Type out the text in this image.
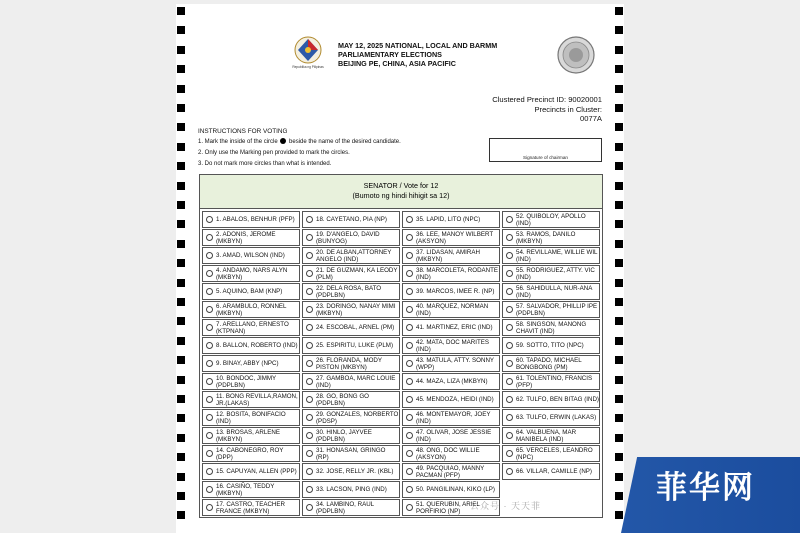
Republika ng Pilipinas
MAY 12, 2025 NATIONAL, LOCAL AND BARMM
PARLIAMENTARY ELECTIONS
BEIJING PE, CHINA, ASIA PACIFIC
Clustered Precinct ID: 90020001
Precincts in Cluster:
0077A
INSTRUCTIONS FOR VOTING
1. Mark the inside of the circle beside the name of the desired candidate.
2. Only use the Marking pen provided to mark the circles.
3. Do not mark more circles than what is intended.
Signature of chairman
SENATOR / Vote for 12
(Bumoto ng hindi hihigit sa 12)
1. ABALOS, BENHUR (PFP)
2. ADONIS, JEROME (MKBYN)
3. AMAD, WILSON (IND)
4. ANDAMO, NARS ALYN (MKBYN)
5. AQUINO, BAM (KNP)
6. ARAMBULO, RONNEL (MKBYN)
7. ARELLANO, ERNESTO (KTPNAN)
8. BALLON, ROBERTO (IND)
9. BINAY, ABBY (NPC)
10. BONDOC, JIMMY (PDPLBN)
11. BONG REVILLA,RAMON, JR.(LAKAS)
12. BOSITA, BONIFACIO (IND)
13. BROSAS, ARLENE (MKBYN)
14. CABONEGRO, ROY (DPP)
15. CAPUYAN, ALLEN (PPP)
16. CASIÑO, TEDDY (MKBYN)
17. CASTRO, TEACHER FRANCE (MKBYN)
18. CAYETANO, PIA (NP)
19. D'ANGELO, DAVID (BUNYOG)
20. DE ALBAN,ATTORNEY ANGELO (IND)
21. DE GUZMAN, KA LEODY (PLM)
22. DELA ROSA, BATO (PDPLBN)
23. DORINGO, NANAY MIMI (MKBYN)
24. ESCOBAL, ARNEL (PM)
25. ESPIRITU, LUKE (PLM)
26. FLORANDA, MODY PISTON (MKBYN)
27. GAMBOA, MARC LOUIE (IND)
28. GO, BONG GO (PDPLBN)
29. GONZALES, NORBERTO (PDSP)
30. HINLO, JAYVEE (PDPLBN)
31. HONASAN, GRINGO (RP)
32. JOSE, RELLY JR. (KBL)
33. LACSON, PING (IND)
34. LAMBINO, RAUL (PDPLBN)
35. LAPID, LITO (NPC)
36. LEE, MANOY WILBERT (AKSYON)
37. LIDASAN, AMIRAH (MKBYN)
38. MARCOLETA, RODANTE (IND)
39. MARCOS, IMEE R. (NP)
40. MARQUEZ, NORMAN (IND)
41. MARTINEZ, ERIC (IND)
42. MATA, DOC MARITES (IND)
43. MATULA, ATTY. SONNY (WPP)
44. MAZA, LIZA (MKBYN)
45. MENDOZA, HEIDI (IND)
46. MONTEMAYOR, JOEY (IND)
47. OLIVAR, JOSE JESSIE (IND)
48. ONG, DOC WILLIE (AKSYON)
49. PACQUIAO, MANNY PACMAN (PFP)
50. PANGILINAN, KIKO (LP)
51. QUERUBIN, ARIEL PORFIRIO (NP)
52. QUIBOLOY, APOLLO (IND)
53. RAMOS, DANILO (MKBYN)
54. REVILLAME, WILLIE WIL (IND)
55. RODRIGUEZ, ATTY. VIC (IND)
56. SAHIDULLA, NUR-ANA (IND)
57. SALVADOR, PHILLIP IPE (PDPLBN)
58. SINGSON, MANONG CHAVIT (IND)
59. SOTTO, TITO (NPC)
60. TAPADO, MICHAEL BONGBONG (PM)
61. TOLENTINO, FRANCIS (PFP)
62. TULFO, BEN BITAG (IND)
63. TULFO, ERWIN (LAKAS)
64. VALBUENA, MAR MANIBELA (IND)
65. VERCELES, LEANDRO (NPC)
66. VILLAR, CAMILLE (NP)
公众号 · 天天菲	菲华网
